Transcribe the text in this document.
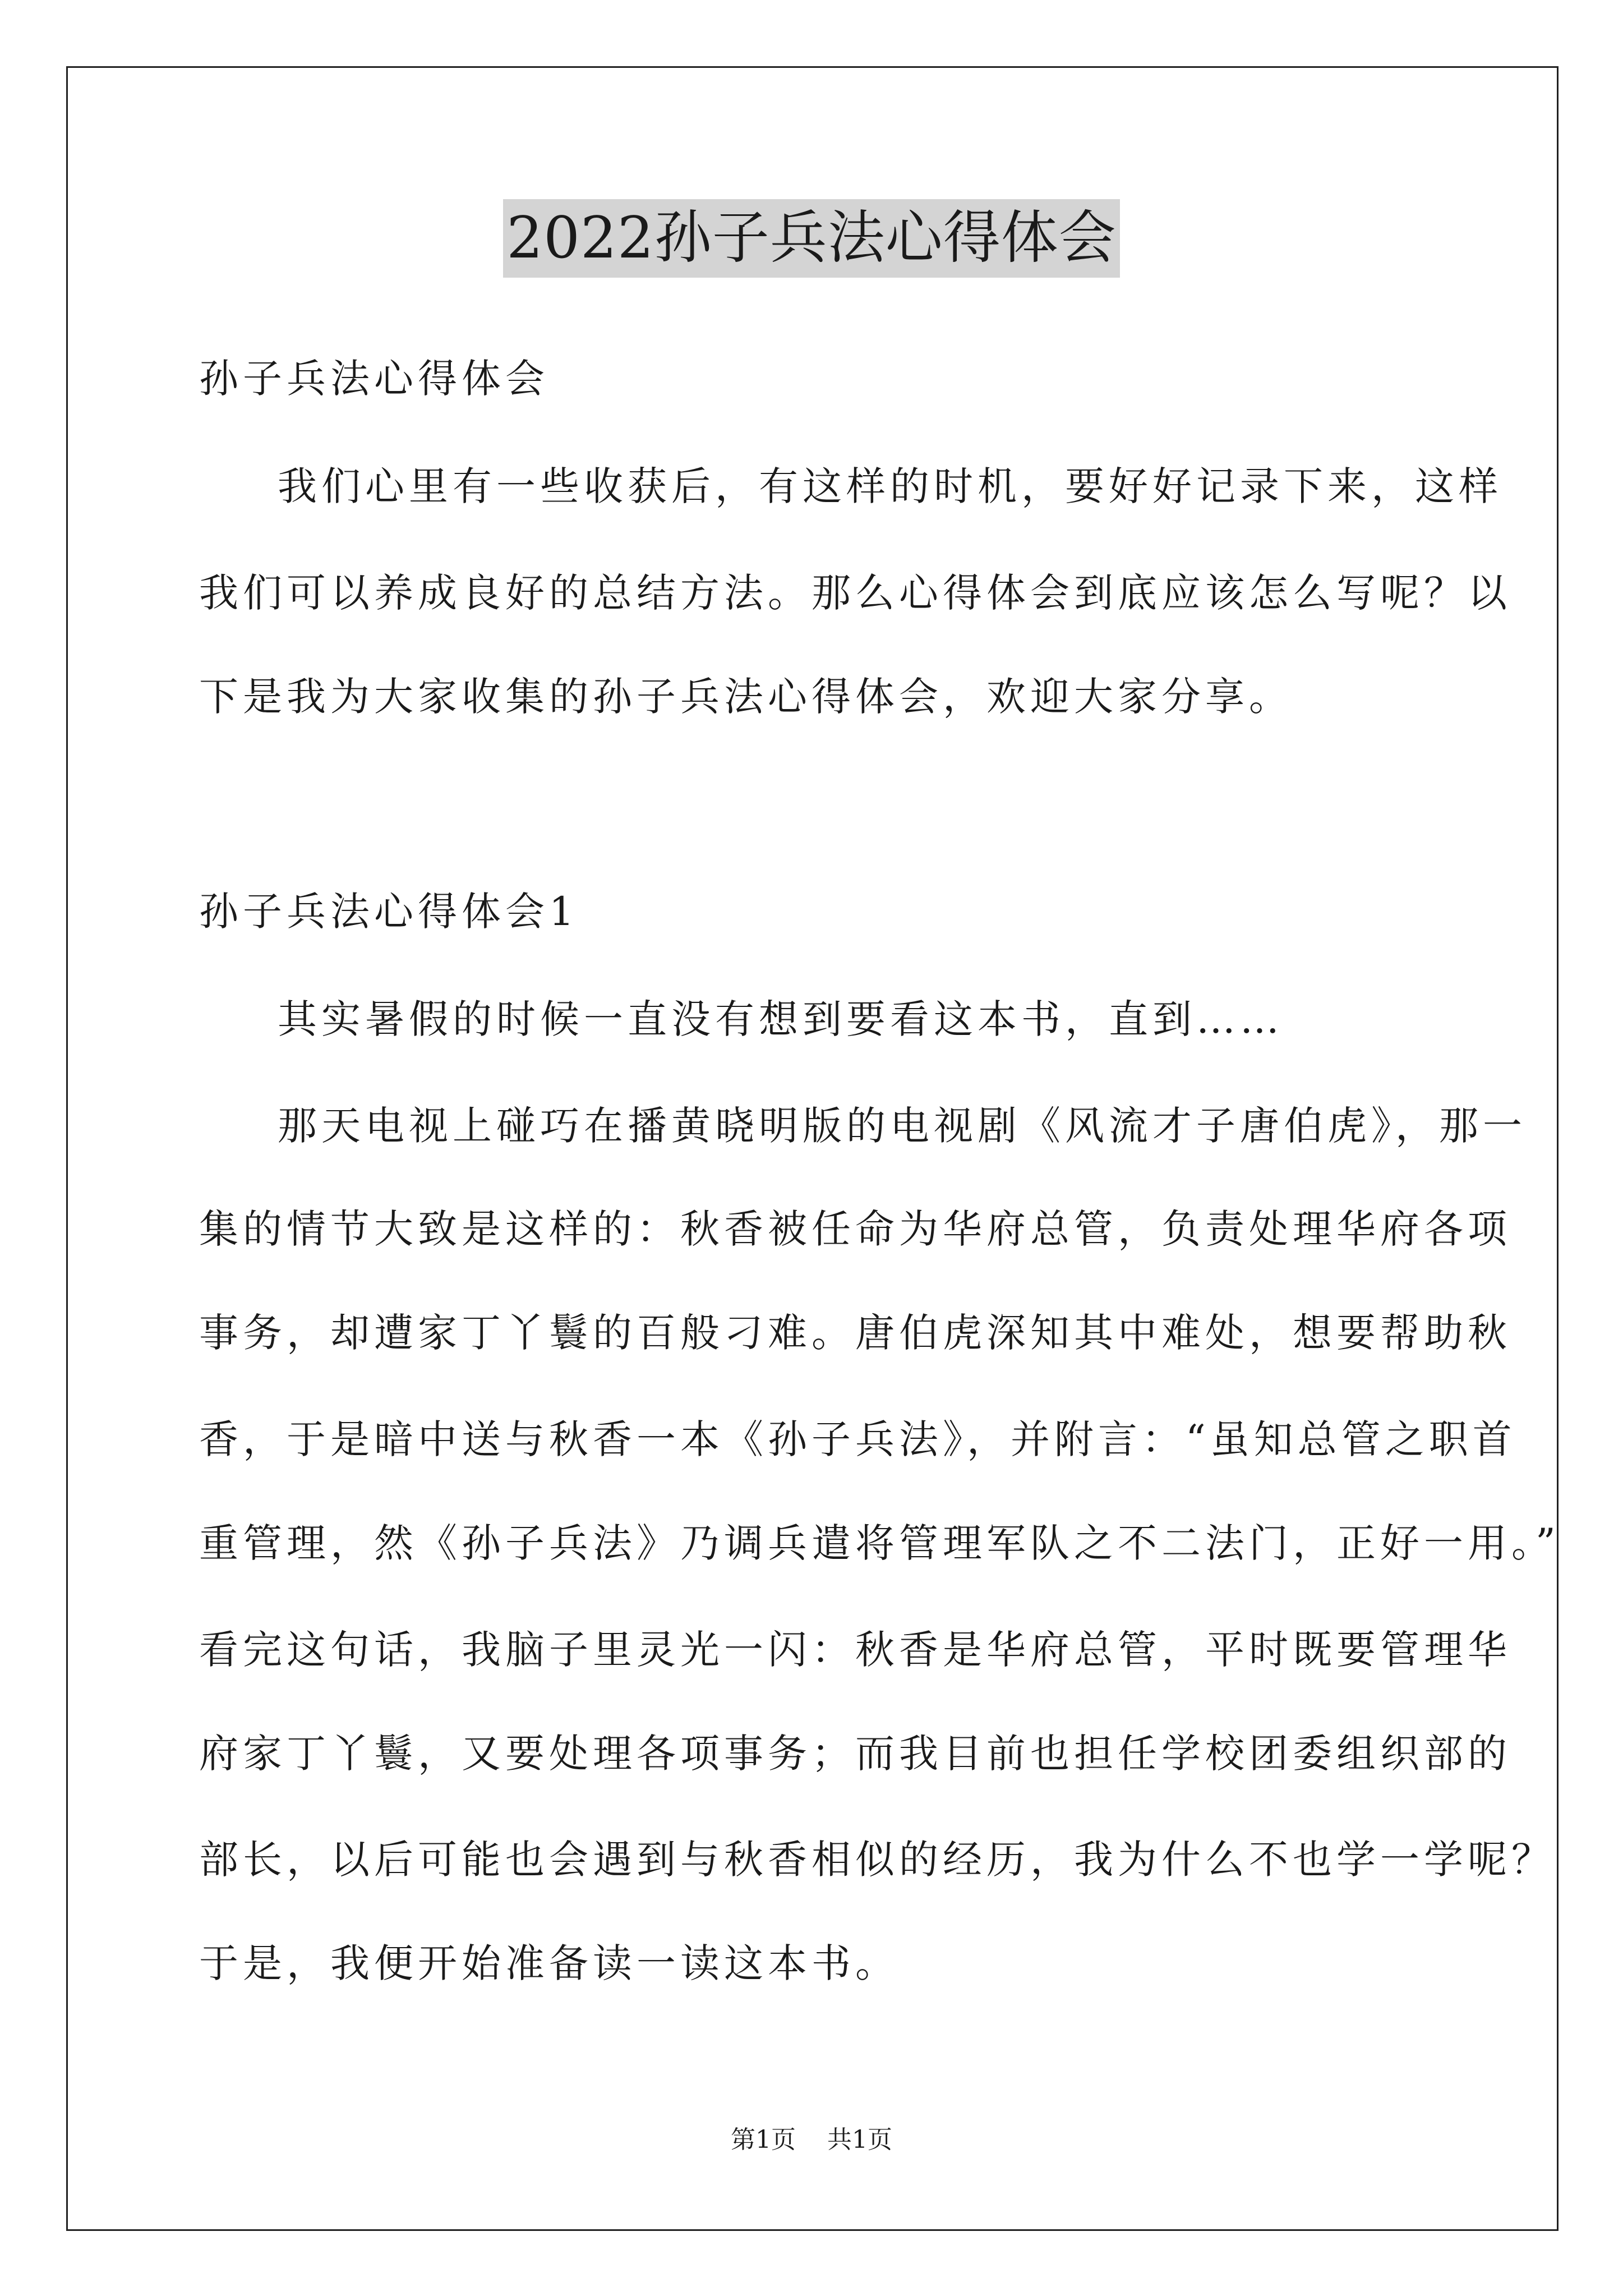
2022孙子兵法心得体会
孙子兵法心得体会
我们心里有一些收获后，有这样的时机，要好好记录下来，这样
我们可以养成良好的总结方法。那么心得体会到底应该怎么写呢？以
下是我为大家收集的孙子兵法心得体会，欢迎大家分享。
孙子兵法心得体会1
其实暑假的时候一直没有想到要看这本书，直到……
那天电视上碰巧在播黄晓明版的电视剧《风流才子唐伯虎》，那一
集的情节大致是这样的：秋香被任命为华府总管，负责处理华府各项
事务，却遭家丁丫鬟的百般刁难。唐伯虎深知其中难处，想要帮助秋
香，于是暗中送与秋香一本《孙子兵法》，并附言：“虽知总管之职首
重管理，然《孙子兵法》乃调兵遣将管理军队之不二法门，正好一用。”
看完这句话，我脑子里灵光一闪：秋香是华府总管，平时既要管理华
府家丁丫鬟，又要处理各项事务；而我目前也担任学校团委组织部的
部长，以后可能也会遇到与秋香相似的经历，我为什么不也学一学呢？
于是，我便开始准备读一读这本书。
第1页 共1页
